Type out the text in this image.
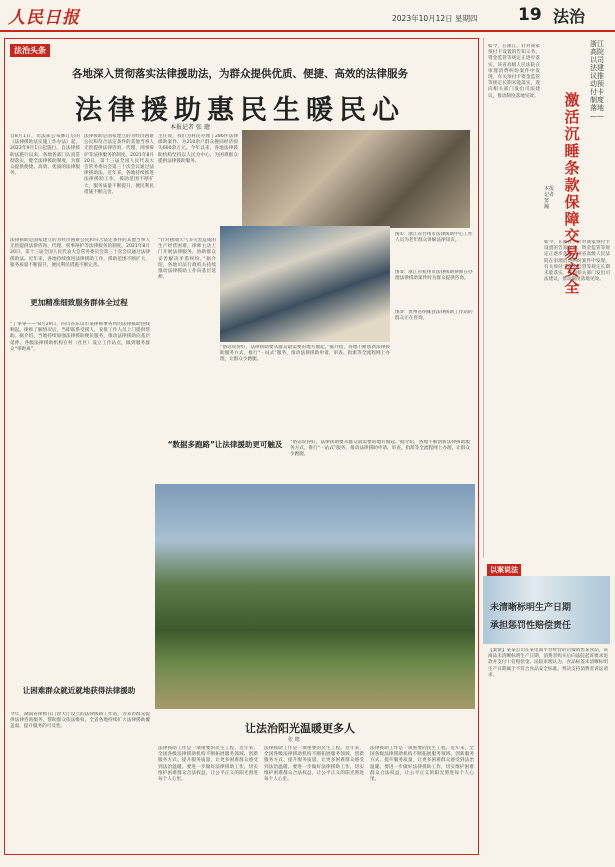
人民日报	2023年10月12日 星期四 19 法治
法治头条
各地深入贯彻落实法律援助法，为群众提供优质、便捷、高效的法律服务
法律援助惠民生暖民心
本报记者 张 璁
自8月1日，司法部公布修订后的《法律援助法实施工作办法》起，2023年9月1日起施行。自法律援助法施行以来，各地各部门认真贯彻落实，健全法律援助制度，为群众提供便捷、高效、优质的法律服务。
法律援助是国家建立的为经济困难公民和符合法定条件的其他当事人无偿提供法律咨询、代理、刑事辩护等法律服务的制度。2021年8月20日，第十三届全国人民代表大会常务委员会第三十次会议通过法律援助法。近年来，各地持续推进法律援助工作，援助范围不断扩大，服务质量不断提升，便民利民措施不断完善。
主任说，我们为村民办理了286件法律援助案件、为210余户群众挽回经济损失600余万元。今年以来，各地法律援助机构坚持以人民为中心，为困难群众提供法律援助服务。
法律援助是国家建立的为经济困难公民和符合法定条件的其他当事人无偿提供法律咨询、代理、刑事辩护等法律服务的制度。2021年8月20日，第十三届全国人民代表大会常务委员会第三十次会议通过法律援助法。近年来，各地持续推进法律援助工作，援助范围不断扩大，服务质量不断提升，便民利民措施不断完善。
更加精准细致服务群体全过程
“丁零零——”8月29日，四川省乐山市某律师事务所的法律援助热线响起。律师了解情况后，当即联系受援人，安排工作人员上门提供帮助。据介绍，当地持续加强法律援助便民服务，推动法律援助向基层延伸。各级法律援助机构在村（社区）设立工作站点，做到服务群众“零距离”。
让困难群众就近就地获得法律援助
今年，湖南省律师在门诊大厅设立的法律援助工作站，为来访群众提供法律咨询服务，帮助群众依法维权。全省各地持续扩大法律援助覆盖面，提升服务的可及性。
“针对极端天气等灾害造成的生产经营困难，律师主动上门开展法律服务，协助群众妥善解决矛盾纠纷。”据介绍，各地司法行政机关持续推动法律援助工作向基层延伸。
“数据多跑路”让法律援助更可触及
“俗话说得好，法律援助要从群众最需要的地方做起。”据介绍，各地不断创新法律援助服务方式，推行“一站式”服务，推动法律援助申请、审查、指派等全流程网上办理，让群众少跑腿。
“俗话说得好，法律援助要从群众最需要的地方做起。”据介绍，各地不断创新法律援助服务方式，推行“一站式”服务，推动法律援助申请、审查、指派等全流程网上办理，让群众少跑腿。
图①：浙江省台州市法律援助中心工作人员为老年群众讲解法律知识。
图②：浙江省杭州市法律援助律师在办理法律援助案件时为群众提供咨询。
图③：贵州省纳雍县法律援助工作站的群众正在咨询。
让法治阳光温暖更多人
张 璁
法律援助工作是一项重要的民生工程。近年来，全国各级法律援助机构不断拓展服务领域、创新服务方式、提升服务质量，让更多困难群众感受到法治温暖。要进一步做好法律援助工作，切实维护困难群众合法权益，让公平正义的阳光照进每个人心里。
法律援助工作是一项重要的民生工程。近年来，全国各级法律援助机构不断拓展服务领域、创新服务方式、提升服务质量，让更多困难群众感受到法治温暖。要进一步做好法律援助工作，切实维护困难群众合法权益，让公平正义的阳光照进每个人心里。
法律援助工作是一项重要的民生工程。近年来，全国各级法律援助机构不断拓展服务领域、创新服务方式、提升服务质量，让更多困难群众感受到法治温暖。要进一步做好法律援助工作，切实维护困难群众合法权益，让公平正义的阳光照进每个人心里。
浙江高院以司法建议推动预付卡制度落地——
激活沉睡条款 保障交易安全
本报记者 窦 瀚
如今，在浙江，针对商家预付卡设置的告知义务、资金监管等规定正逐步落实。该省高级人民法院在审理消费纠纷案件中发现，有关预付卡资金监管等规定长期未能落实，遂向相关部门发出司法建议，推动制度落地见效。
如今，在浙江，针对商家预付卡设置的告知义务、资金监管等规定正逐步落实。该省高级人民法院在审理消费纠纷案件中发现，有关预付卡资金监管等规定长期未能落实，遂向相关部门发出司法建议，推动制度落地见效。
以案说法
未清晰标明生产日期
承担惩罚性赔偿责任
【案情】某某公司在某电商平台经营的店铺销售某食品，该商品未清晰标明生产日期，消费者购买后向法院起诉要求退款并支付十倍赔偿金。法院审理认为，食品标签未清晰标明生产日期属于不符合食品安全标准，判决支持消费者诉讼请求。
